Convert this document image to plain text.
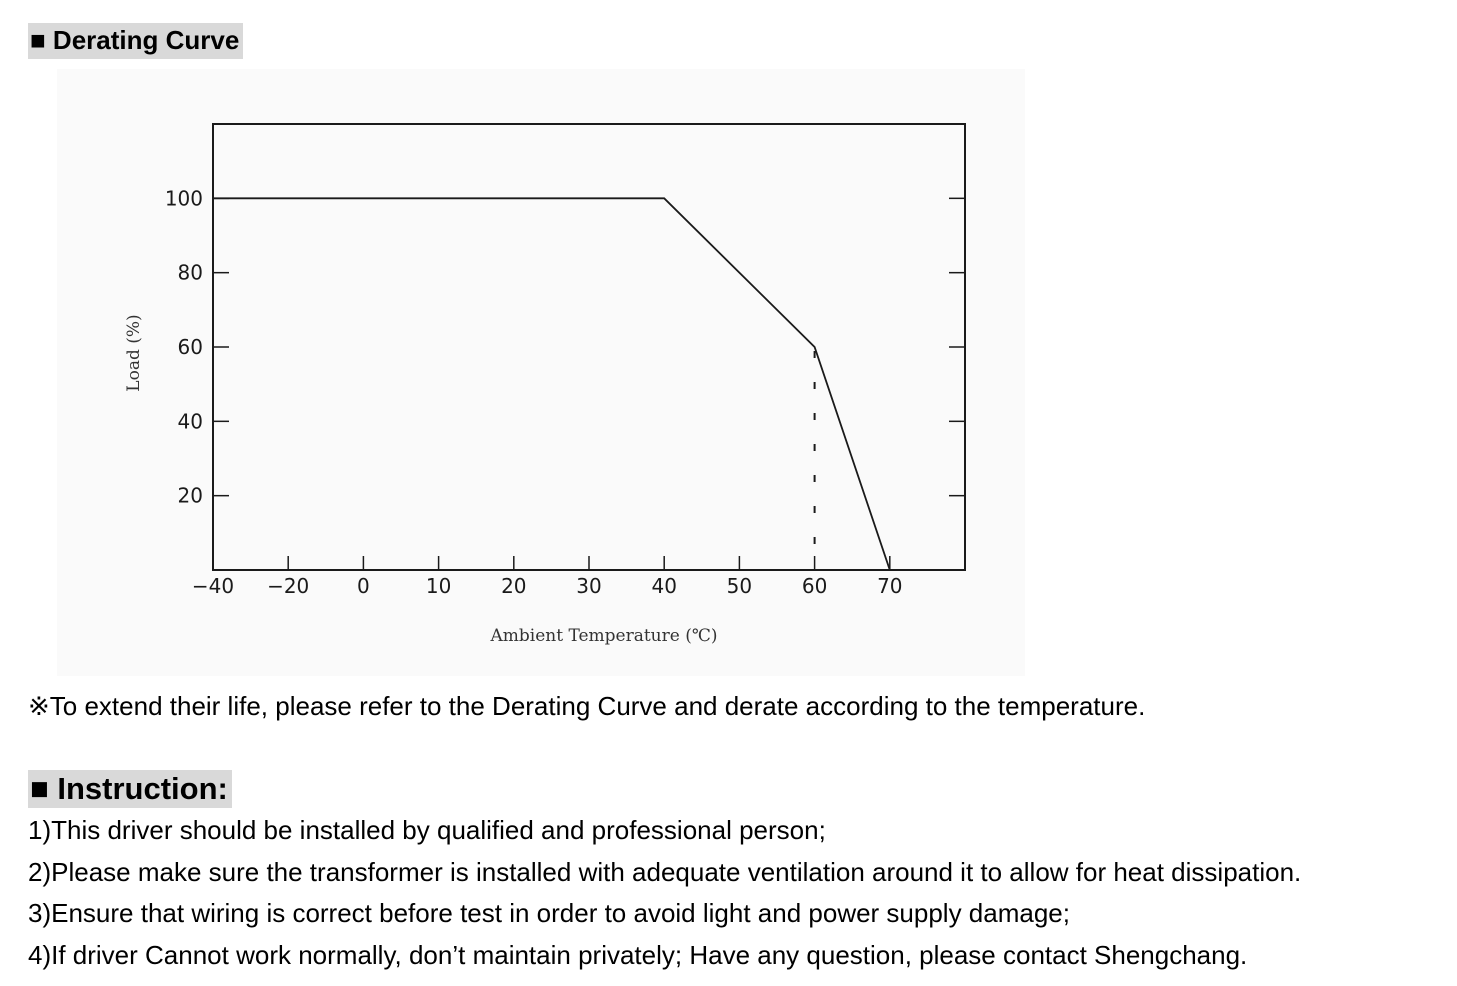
■ Derating Curve
20
40
60
80
100
−40 −20 0	10 20 30 40 50 60 70
Ambient Temperature (℃)
Load (%)
※To extend their life, please refer to the Derating Curve and derate according to the temperature.
■ Instruction:
1)This driver should be installed by qualified and professional person;
2)Please make sure the transformer is installed with adequate ventilation around it to allow for heat dissipation.
3)Ensure that wiring is correct before test in order to avoid light and power supply damage;
4)If driver Cannot work normally, don’t maintain privately; Have any question, please contact Shengchang.
